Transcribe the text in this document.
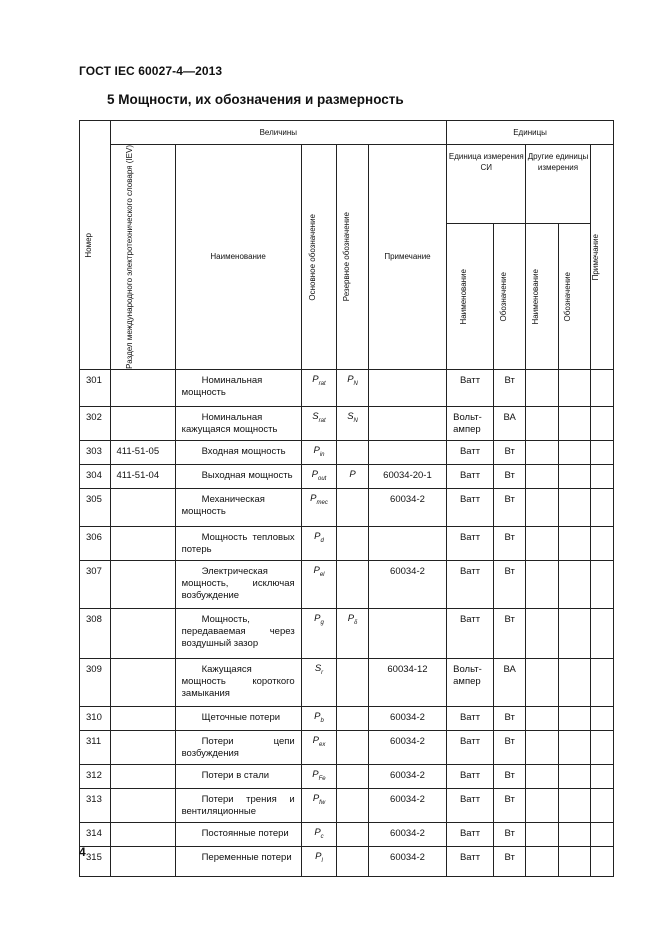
ГОСТ IEC 60027-4—2013
5 Мощности, их обозначения и размерность
Номер	Величины					Единицы				

	Раздел международного электротехнического словаря (IEV)	Наименование	Основное обозначение	Резервное обозначение	Примечание	Единица измерения СИ		Другие единицы измерения		Примечание

						Наименование	Обозначение	Наименование	Обозначение	

301		Номинальная мощность	$P_{rat}$	$P_N$		Ватт	Вт			
302		Номинальная кажущаяся мощность	$S_{rat}$	$S_N$		Вольт-ампер	ВА			
303	411-51-05	Входная мощность	$P_{in}$			Ватт	Вт			
304	411-51-04	Выходная мощность	$P_{out}$	P	60034-20-1	Ватт	Вт			
305		Механическая мощность	$P_{mec}$		60034-2	Ватт	Вт			
306		Мощность тепловых потерь	$P_d$			Ватт	Вт			
307		Электрическая мощность, исключая возбуждение	$P_{el}$		60034-2	Ватт	Вт			
308		Мощность, передаваемая через воздушный зазор	$P_g$	$P_\delta$		Ватт	Вт			
309		Кажущаяся мощность короткого замыкания	$S_r$		60034-12	Вольт-ампер	ВА			
310		Щеточные потери	$P_b$		60034-2	Ватт	Вт			
311		Потери цепи возбуждения	$P_{ex}$		60034-2	Ватт	Вт			
312		Потери в стали	$P_{Fe}$		60034-2	Ватт	Вт			
313		Потери трения и вентиляционные	$P_{fw}$		60034-2	Ватт	Вт			
314		Постоянные потери	$P_c$		60034-2	Ватт	Вт			
315		Переменные потери	$P_l$		60034-2	Ватт	Вт			
4
